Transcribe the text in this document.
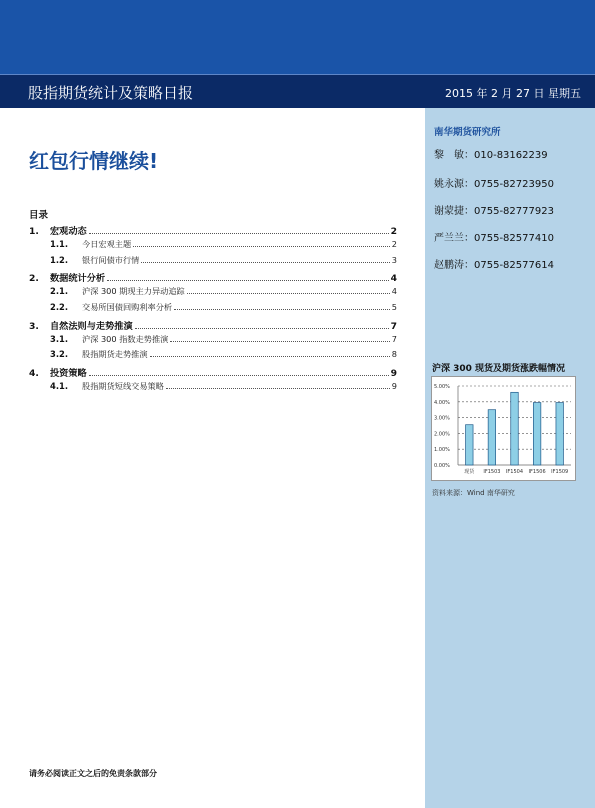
股指期货统计及策略日报	2015 年 2 月 27 日 星期五
红包行情继续!
目录
1.	宏观动态	2
1.1.	今日宏观主题	2
1.2.	银行间债市行情	3
2.	数据统计分析	4
2.1.	沪深 300 期现主力异动追踪	4
2.2.	交易所国债回购利率分析	5
3.	自然法则与走势推演	7
3.1.	沪深 300 指数走势推演	7
3.2.	股指期货走势推演	8
4.	投资策略	9
4.1.	股指期货短线交易策略	9
南华期货研究所
黎　敏：010-83162239
姚永源：0755-82723950
谢蒙捷：0755-82777923
严兰兰：0755-82577410
赵鹏涛：0755-82577614
沪深 300 现货及期货涨跌幅情况
0.00%
1.00%
2.00%
3.00%
4.00%
5.00%
现货 IF1503 IF1504 IF1506 IF1509
资料来源：Wind 南华研究
请务必阅读正文之后的免责条款部分
